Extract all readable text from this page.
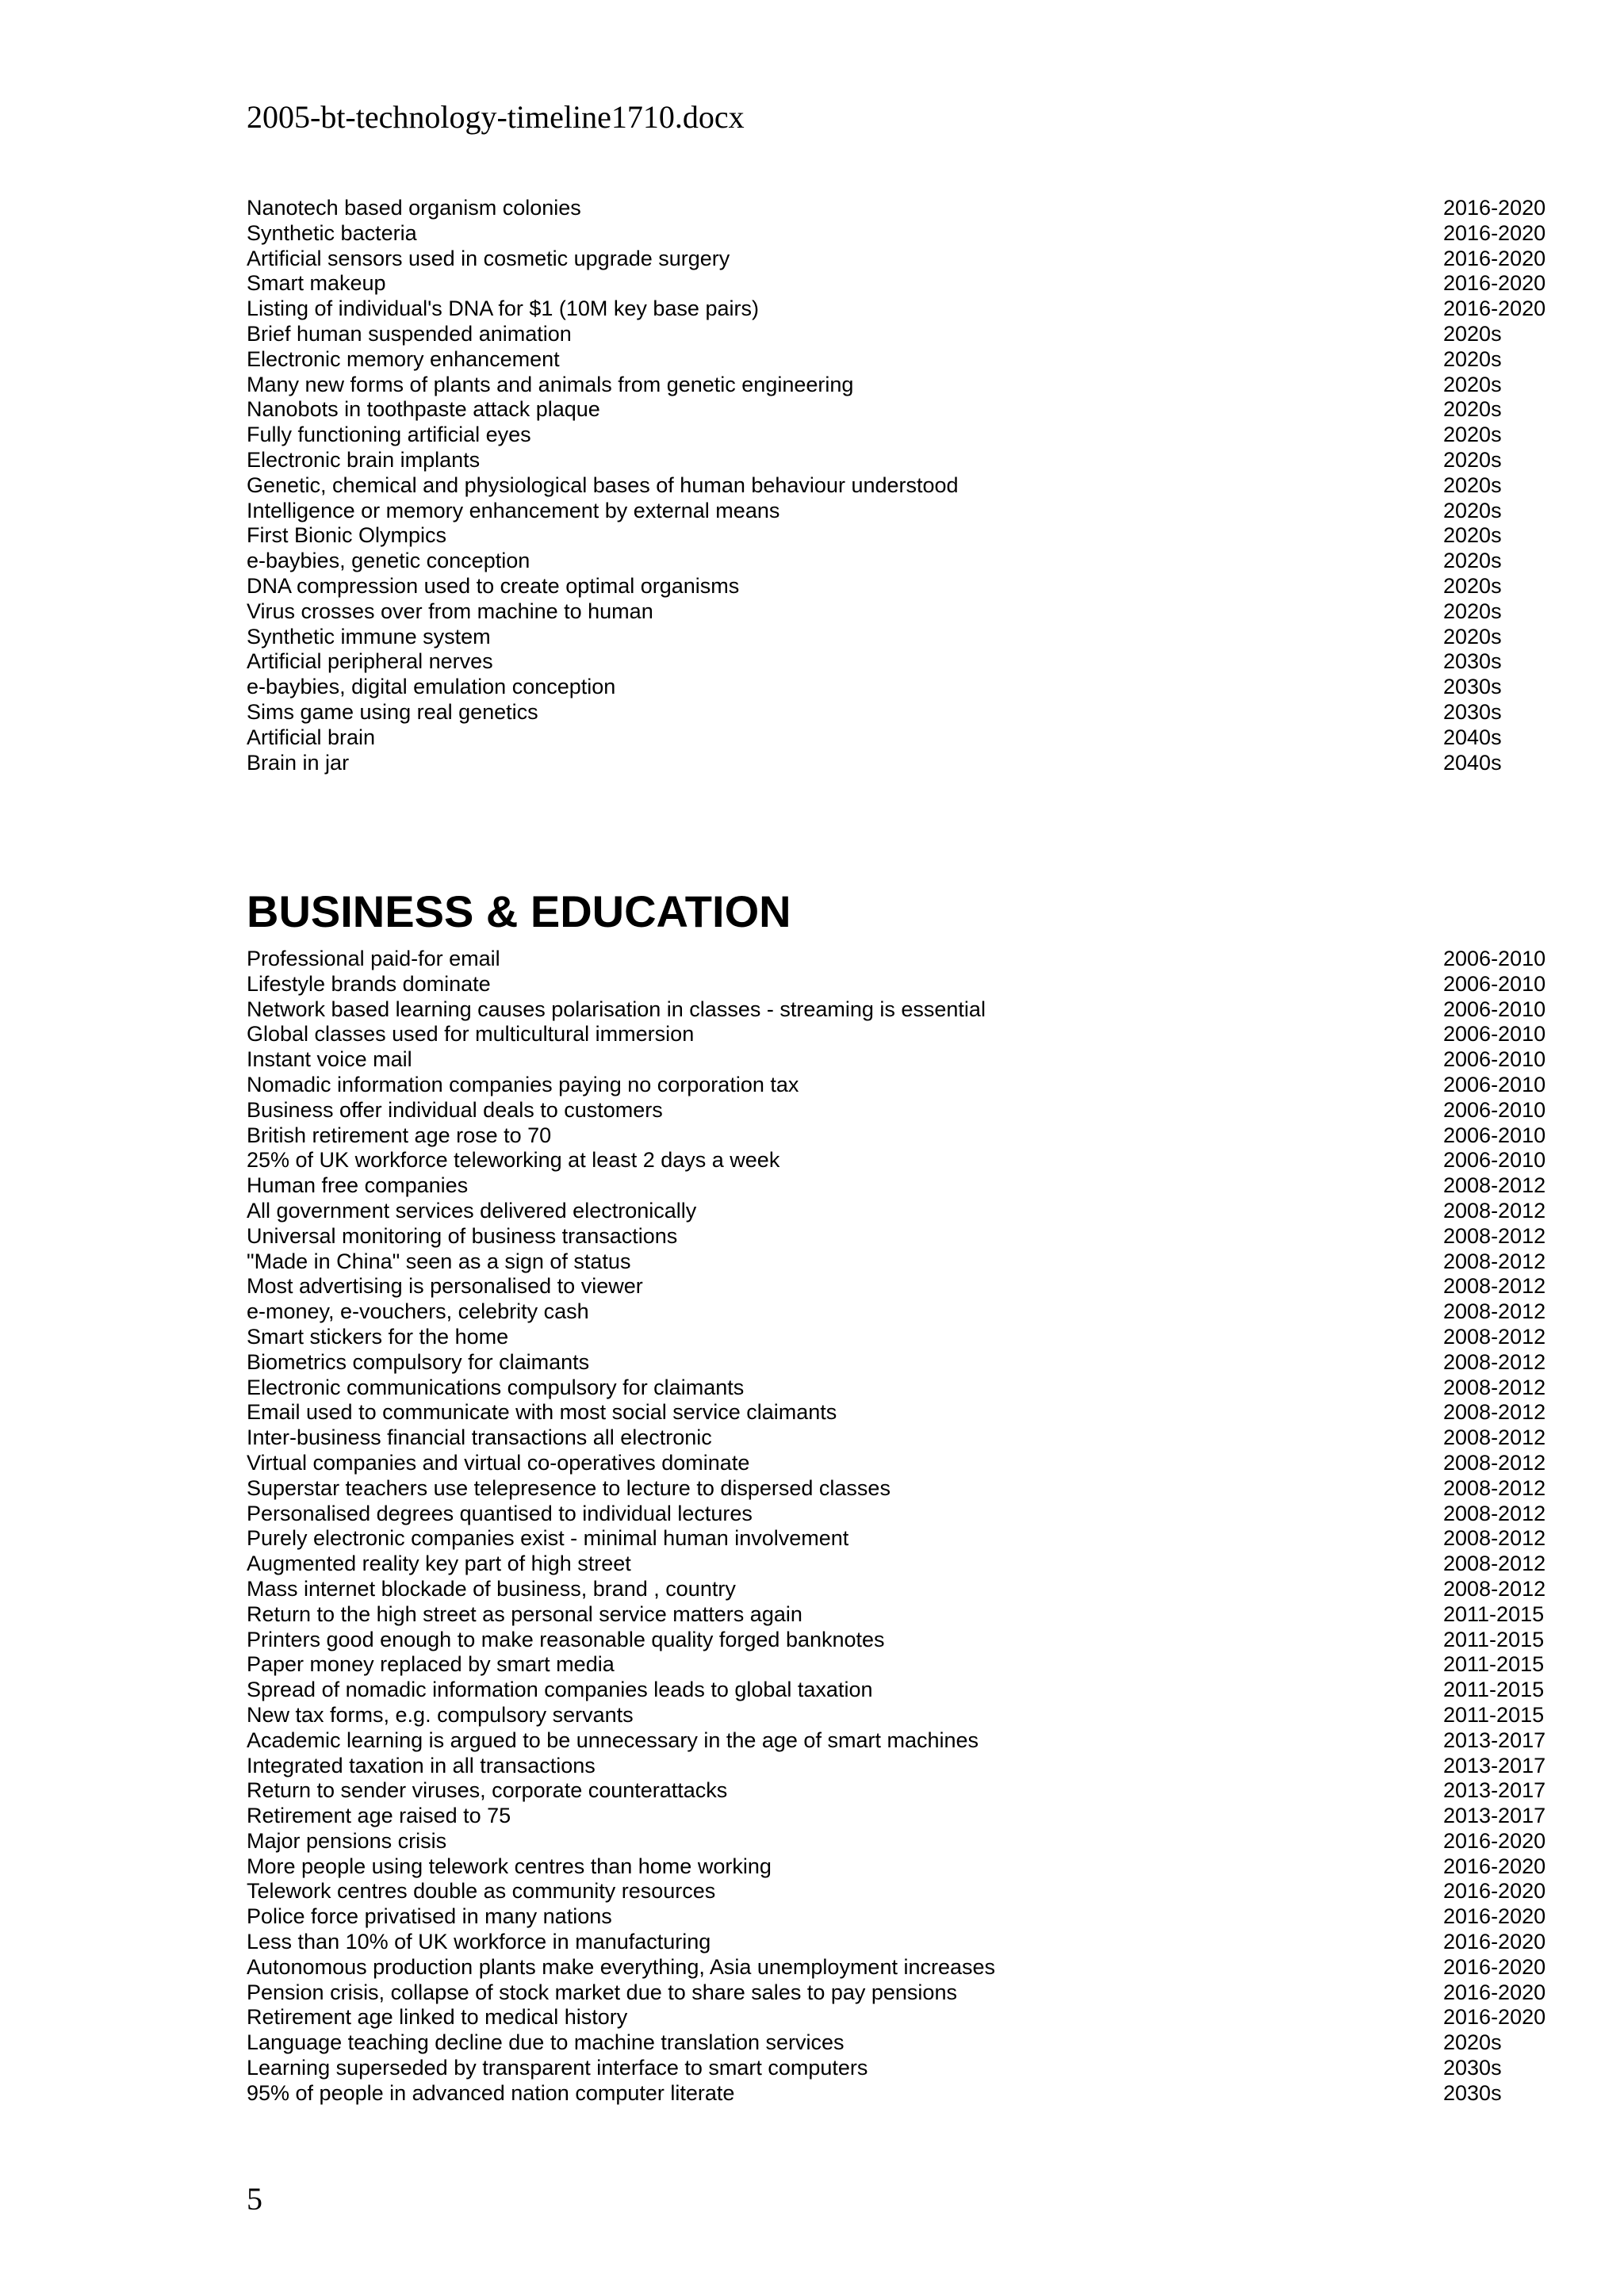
2005-bt-technology-timeline1710.docx
Nanotech based organism colonies	2016-2020
Synthetic bacteria	2016-2020
Artificial sensors used in cosmetic upgrade surgery	2016-2020
Smart makeup	2016-2020
Listing of individual's DNA for $1 (10M key base pairs)	2016-2020
Brief human suspended animation	2020s
Electronic memory enhancement	2020s
Many new forms of plants and animals from genetic engineering	2020s
Nanobots in toothpaste attack plaque	2020s
Fully functioning artificial eyes	2020s
Electronic brain implants	2020s
Genetic, chemical and physiological bases of human behaviour understood	2020s
Intelligence or memory enhancement by external means	2020s
First Bionic Olympics	2020s
e-baybies, genetic conception	2020s
DNA compression used to create optimal organisms	2020s
Virus crosses over from machine to human	2020s
Synthetic immune system	2020s
Artificial peripheral nerves	2030s
e-baybies, digital emulation conception	2030s
Sims game using real genetics	2030s
Artificial brain	2040s
Brain in jar	2040s
BUSINESS & EDUCATION
Professional paid-for email	2006-2010
Lifestyle brands dominate	2006-2010
Network based learning causes polarisation in classes - streaming is essential	2006-2010
Global classes used for multicultural immersion	2006-2010
Instant voice mail	2006-2010
Nomadic information companies paying no corporation tax	2006-2010
Business offer individual deals to customers	2006-2010
British retirement age rose to 70	2006-2010
25% of UK workforce teleworking at least 2 days a week	2006-2010
Human free companies	2008-2012
All government services delivered electronically	2008-2012
Universal monitoring of business transactions	2008-2012
"Made in China" seen as a sign of status	2008-2012
Most advertising is personalised to viewer	2008-2012
e-money, e-vouchers, celebrity cash	2008-2012
Smart stickers for the home	2008-2012
Biometrics compulsory for claimants	2008-2012
Electronic communications compulsory for claimants	2008-2012
Email used to communicate with most social service claimants	2008-2012
Inter-business financial transactions all electronic	2008-2012
Virtual companies and virtual co-operatives dominate	2008-2012
Superstar teachers use telepresence to lecture to dispersed classes	2008-2012
Personalised degrees quantised to individual lectures	2008-2012
Purely electronic companies exist - minimal human involvement	2008-2012
Augmented reality key part of high street	2008-2012
Mass internet blockade of business, brand , country	2008-2012
Return to the high street as personal service matters again	2011-2015
Printers good enough to make reasonable quality forged banknotes	2011-2015
Paper money replaced by smart media	2011-2015
Spread of nomadic information companies leads to global taxation	2011-2015
New tax forms, e.g. compulsory servants	2011-2015
Academic learning is argued to be unnecessary in the age of smart machines	2013-2017
Integrated taxation in all transactions	2013-2017
Return to sender viruses, corporate counterattacks	2013-2017
Retirement age raised to 75	2013-2017
Major pensions crisis	2016-2020
More people using telework centres than home working	2016-2020
Telework centres double as community resources	2016-2020
Police force privatised in many nations	2016-2020
Less than 10% of UK workforce in manufacturing	2016-2020
Autonomous production plants make everything, Asia unemployment increases	2016-2020
Pension crisis, collapse of stock market due to share sales to pay pensions	2016-2020
Retirement age linked to medical history	2016-2020
Language teaching decline due to machine translation services	2020s
Learning superseded by transparent interface to smart computers	2030s
95% of people in advanced nation computer literate	2030s
5
